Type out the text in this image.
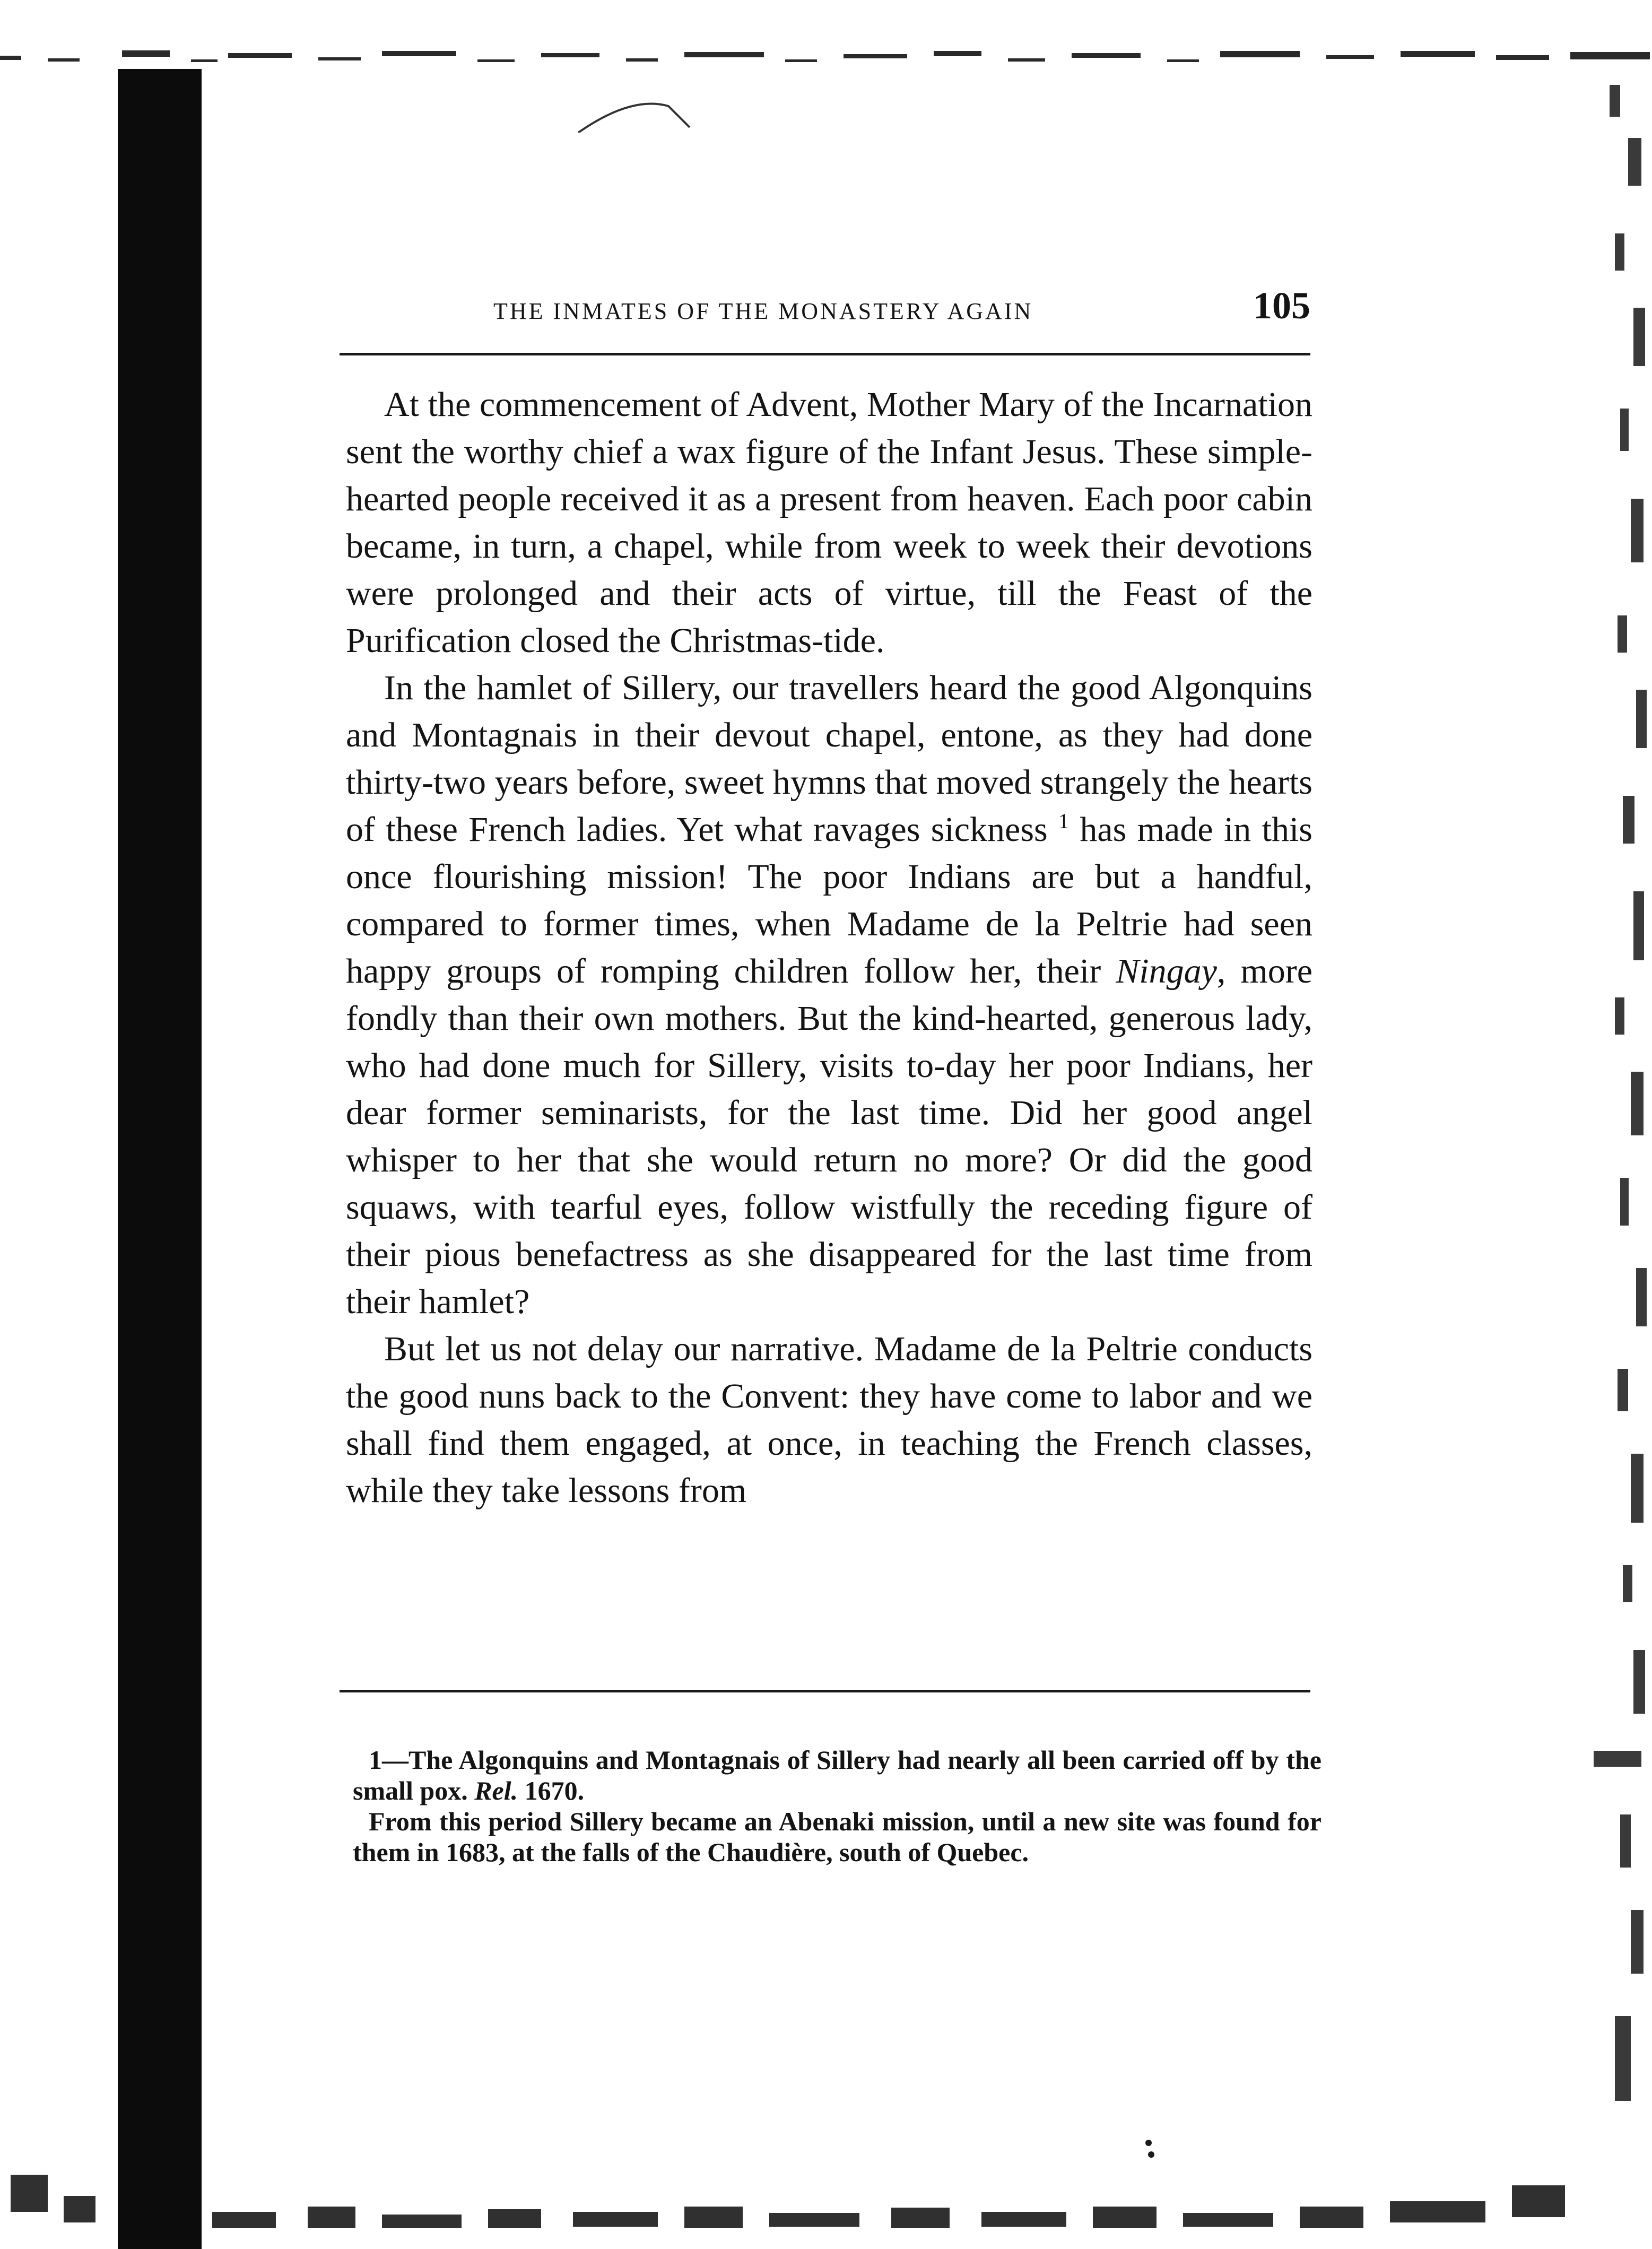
THE INMATES OF THE MONASTERY AGAIN	105

At the commencement of Advent, Mother Mary of the Incarnation sent the worthy chief a wax figure of the Infant Jesus. These simple-hearted people received it as a present from heaven. Each poor cabin became, in turn, a chapel, while from week to week their devotions were prolonged and their acts of virtue, till the Feast of the Purification closed the Christmas-tide.

In the hamlet of Sillery, our travellers heard the good Algonquins and Montagnais in their devout chapel, entone, as they had done thirty-two years before, sweet hymns that moved strangely the hearts of these French ladies. Yet what ravages sickness $^1$ has made in this once flourishing mission! The poor Indians are but a handful, compared to former times, when Madame de la Peltrie had seen happy groups of romping children follow her, their Ningay, more fondly than their own mothers. But the kind-hearted, generous lady, who had done much for Sillery, visits to-day her poor Indians, her dear former seminarists, for the last time. Did her good angel whisper to her that she would return no more? Or did the good squaws, with tearful eyes, follow wistfully the receding figure of their pious benefactress as she disappeared for the last time from their hamlet?

But let us not delay our narrative. Madame de la Peltrie conducts the good nuns back to the Convent: they have come to labor and we shall find them engaged, at once, in teaching the French classes, while they take lessons from

1—The Algonquins and Montagnais of Sillery had nearly all been carried off by the small pox. Rel. 1670.

From this period Sillery became an Abenaki mission, until a new site was found for them in 1683, at the falls of the Chaudière, south of Quebec.
